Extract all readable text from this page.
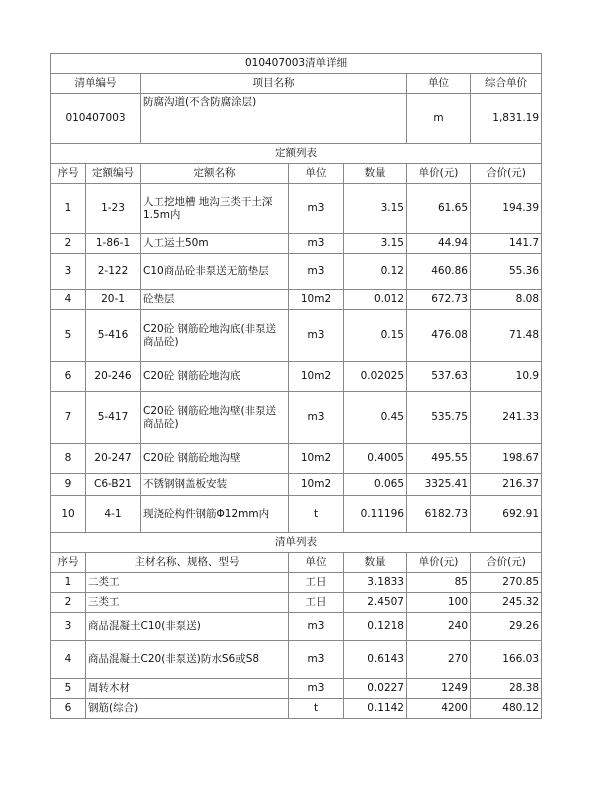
010407003清单详细						
清单编号		项目名称			单位	综合单价
010407003		防腐沟道(不含防腐涂层)			m	1,831.19
定额列表						
序号	定额编号	定额名称	单位	数量	单价(元)	合价(元)
1	1-23	人工挖地槽 地沟三类干土深1.5m内	m3	3.15	61.65	194.39
2	1-86-1	人工运土50m	m3	3.15	44.94	141.7
3	2-122	C10商品砼非泵送无筋垫层	m3	0.12	460.86	55.36
4	20-1	砼垫层	10m2	0.012	672.73	8.08
5	5-416	C20砼 钢筋砼地沟底(非泵送商品砼)	m3	0.15	476.08	71.48
6	20-246	C20砼 钢筋砼地沟底	10m2	0.02025	537.63	10.9
7	5-417	C20砼 钢筋砼地沟壁(非泵送商品砼)	m3	0.45	535.75	241.33
8	20-247	C20砼 钢筋砼地沟壁	10m2	0.4005	495.55	198.67
9	C6-B21	不锈钢钢盖板安装	10m2	0.065	3325.41	216.37
10	4-1	现浇砼构件钢筋Φ12mm内	t	0.11196	6182.73	692.91
清单列表						
序号	主材名称、规格、型号		单位	数量	单价(元)	合价(元)
1	二类工		工日	3.1833	85	270.85
2	三类工		工日	2.4507	100	245.32
3	商品混凝土C10(非泵送)		m3	0.1218	240	29.26
4	商品混凝土C20(非泵送)防水S6或S8		m3	0.6143	270	166.03
5	周转木材		m3	0.0227	1249	28.38
6	钢筋(综合)		t	0.1142	4200	480.12
